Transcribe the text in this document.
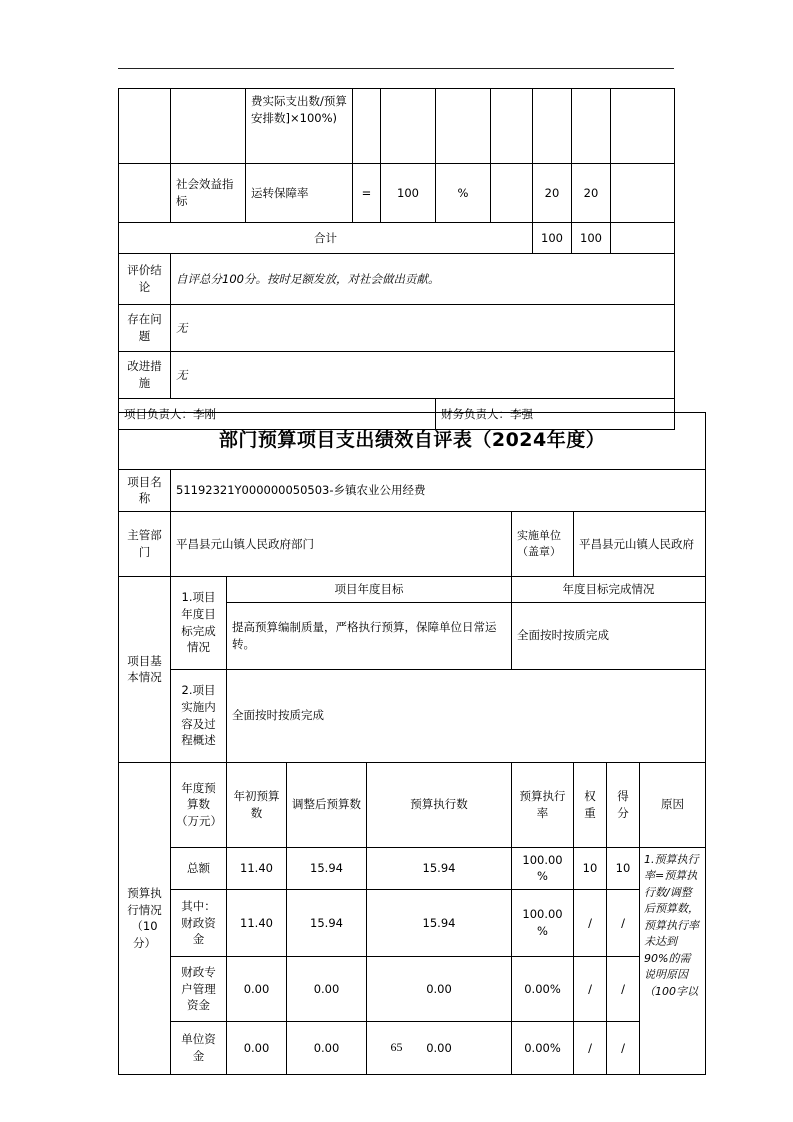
		费实际支出数/预算安排数]×100%)							
	社会效益指标	运转保障率	=	100	%		20	20	
合计							100	100	
评价结论	自评总分100分。按时足额发放，对社会做出贡献。								
存在问题	无								
改进措施	无								
项目负责人：李刚					财务负责人：李强				
部门预算项目支出绩效自评表（2024年度）								
项目名称	51192321Y000000050503-乡镇农业公用经费							
主管部门	平昌县元山镇人民政府部门				实施单位（盖章）	平昌县元山镇人民政府		
项目基本情况	1.项目年度目标完成情况	项目年度目标			年度目标完成情况			
		提高预算编制质量，严格执行预算，保障单位日常运转。			全面按时按质完成			
	2.项目实施内容及过程概述	全面按时按质完成						

预算执行情况（10分）	年度预算数（万元）	年初预算数	调整后预算数	预算执行数	预算执行率	权重	得分	原因
	总额	11.40	15.94	15.94	100.00%	10	10	1.预算执行率=预算执行数/调整后预算数，预算执行率未达到90%的需说明原因（100字以
	其中：财政资金	11.40	15.94	15.94	100.00%	/	/	
	财政专户管理资金	0.00	0.00	0.00	0.00%	/	/	
	单位资金	0.00	0.00	0.00	0.00%	/	/	
65
